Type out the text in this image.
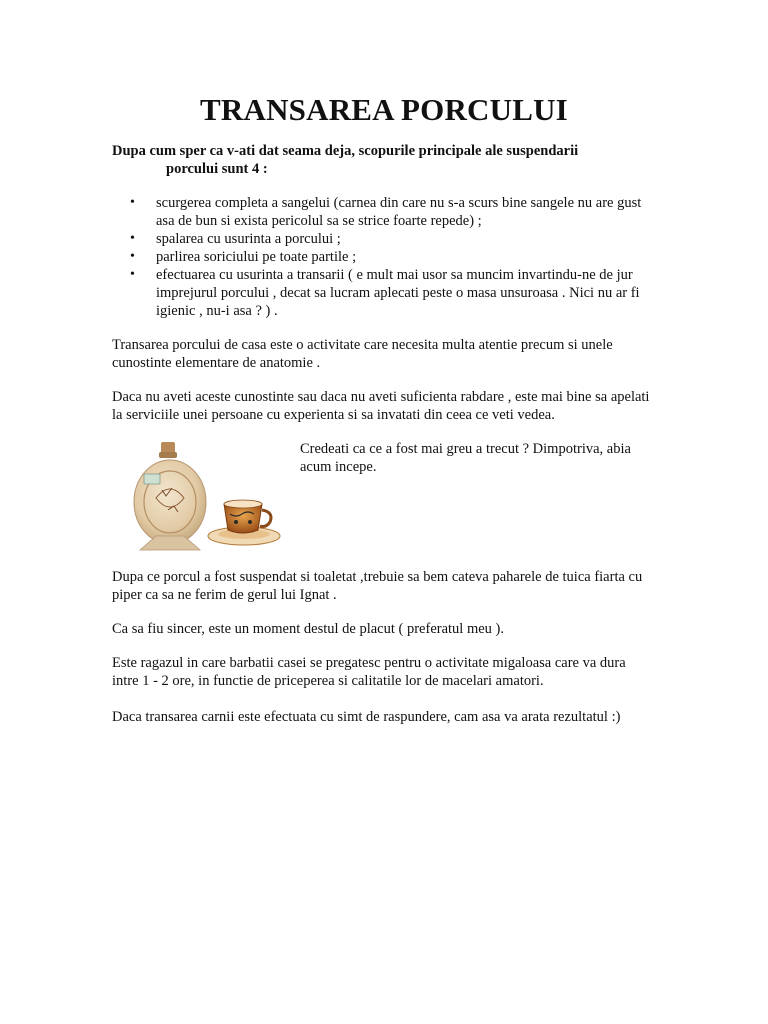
TRANSAREA PORCULUI
Dupa cum sper ca v-ati dat seama deja, scopurile principale ale suspendarii
porcului sunt 4 :
• scurgerea completa a sangelui (carnea din care nu s-a scurs bine sangele nu are gust asa de bun si exista pericolul sa se strice foarte repede) ;
• spalarea cu usurinta a porcului ;
• parlirea soriciului pe toate partile ;
• efectuarea cu usurinta a transarii ( e mult mai usor sa muncim invartindu-ne de jur imprejurul porcului , decat sa lucram aplecati peste o masa unsuroasa . Nici nu ar fi igienic , nu-i asa ? ) .

Transarea porcului de casa este o activitate care necesita multa atentie precum si unele cunostinte elementare de anatomie .

Daca nu aveti aceste cunostinte sau daca nu aveti suficienta rabdare , este mai bine sa apelati la serviciile unei persoane cu experienta si sa invatati din ceea ce veti vedea.

Credeati ca ce a fost mai greu a trecut ? Dimpotriva, abia acum incepe.

Dupa ce porcul a fost suspendat si toaletat ,trebuie sa bem cateva paharele de tuica fiarta cu piper ca sa ne ferim de gerul lui Ignat .

Ca sa fiu sincer, este un moment destul de placut ( preferatul meu ).

Este ragazul in care barbatii casei se pregatesc pentru o activitate migaloasa care va dura intre 1 - 2 ore, in functie de priceperea si calitatile lor de macelari amatori.

Daca transarea carnii este efectuata cu simt de raspundere, cam asa va arata rezultatul :)
